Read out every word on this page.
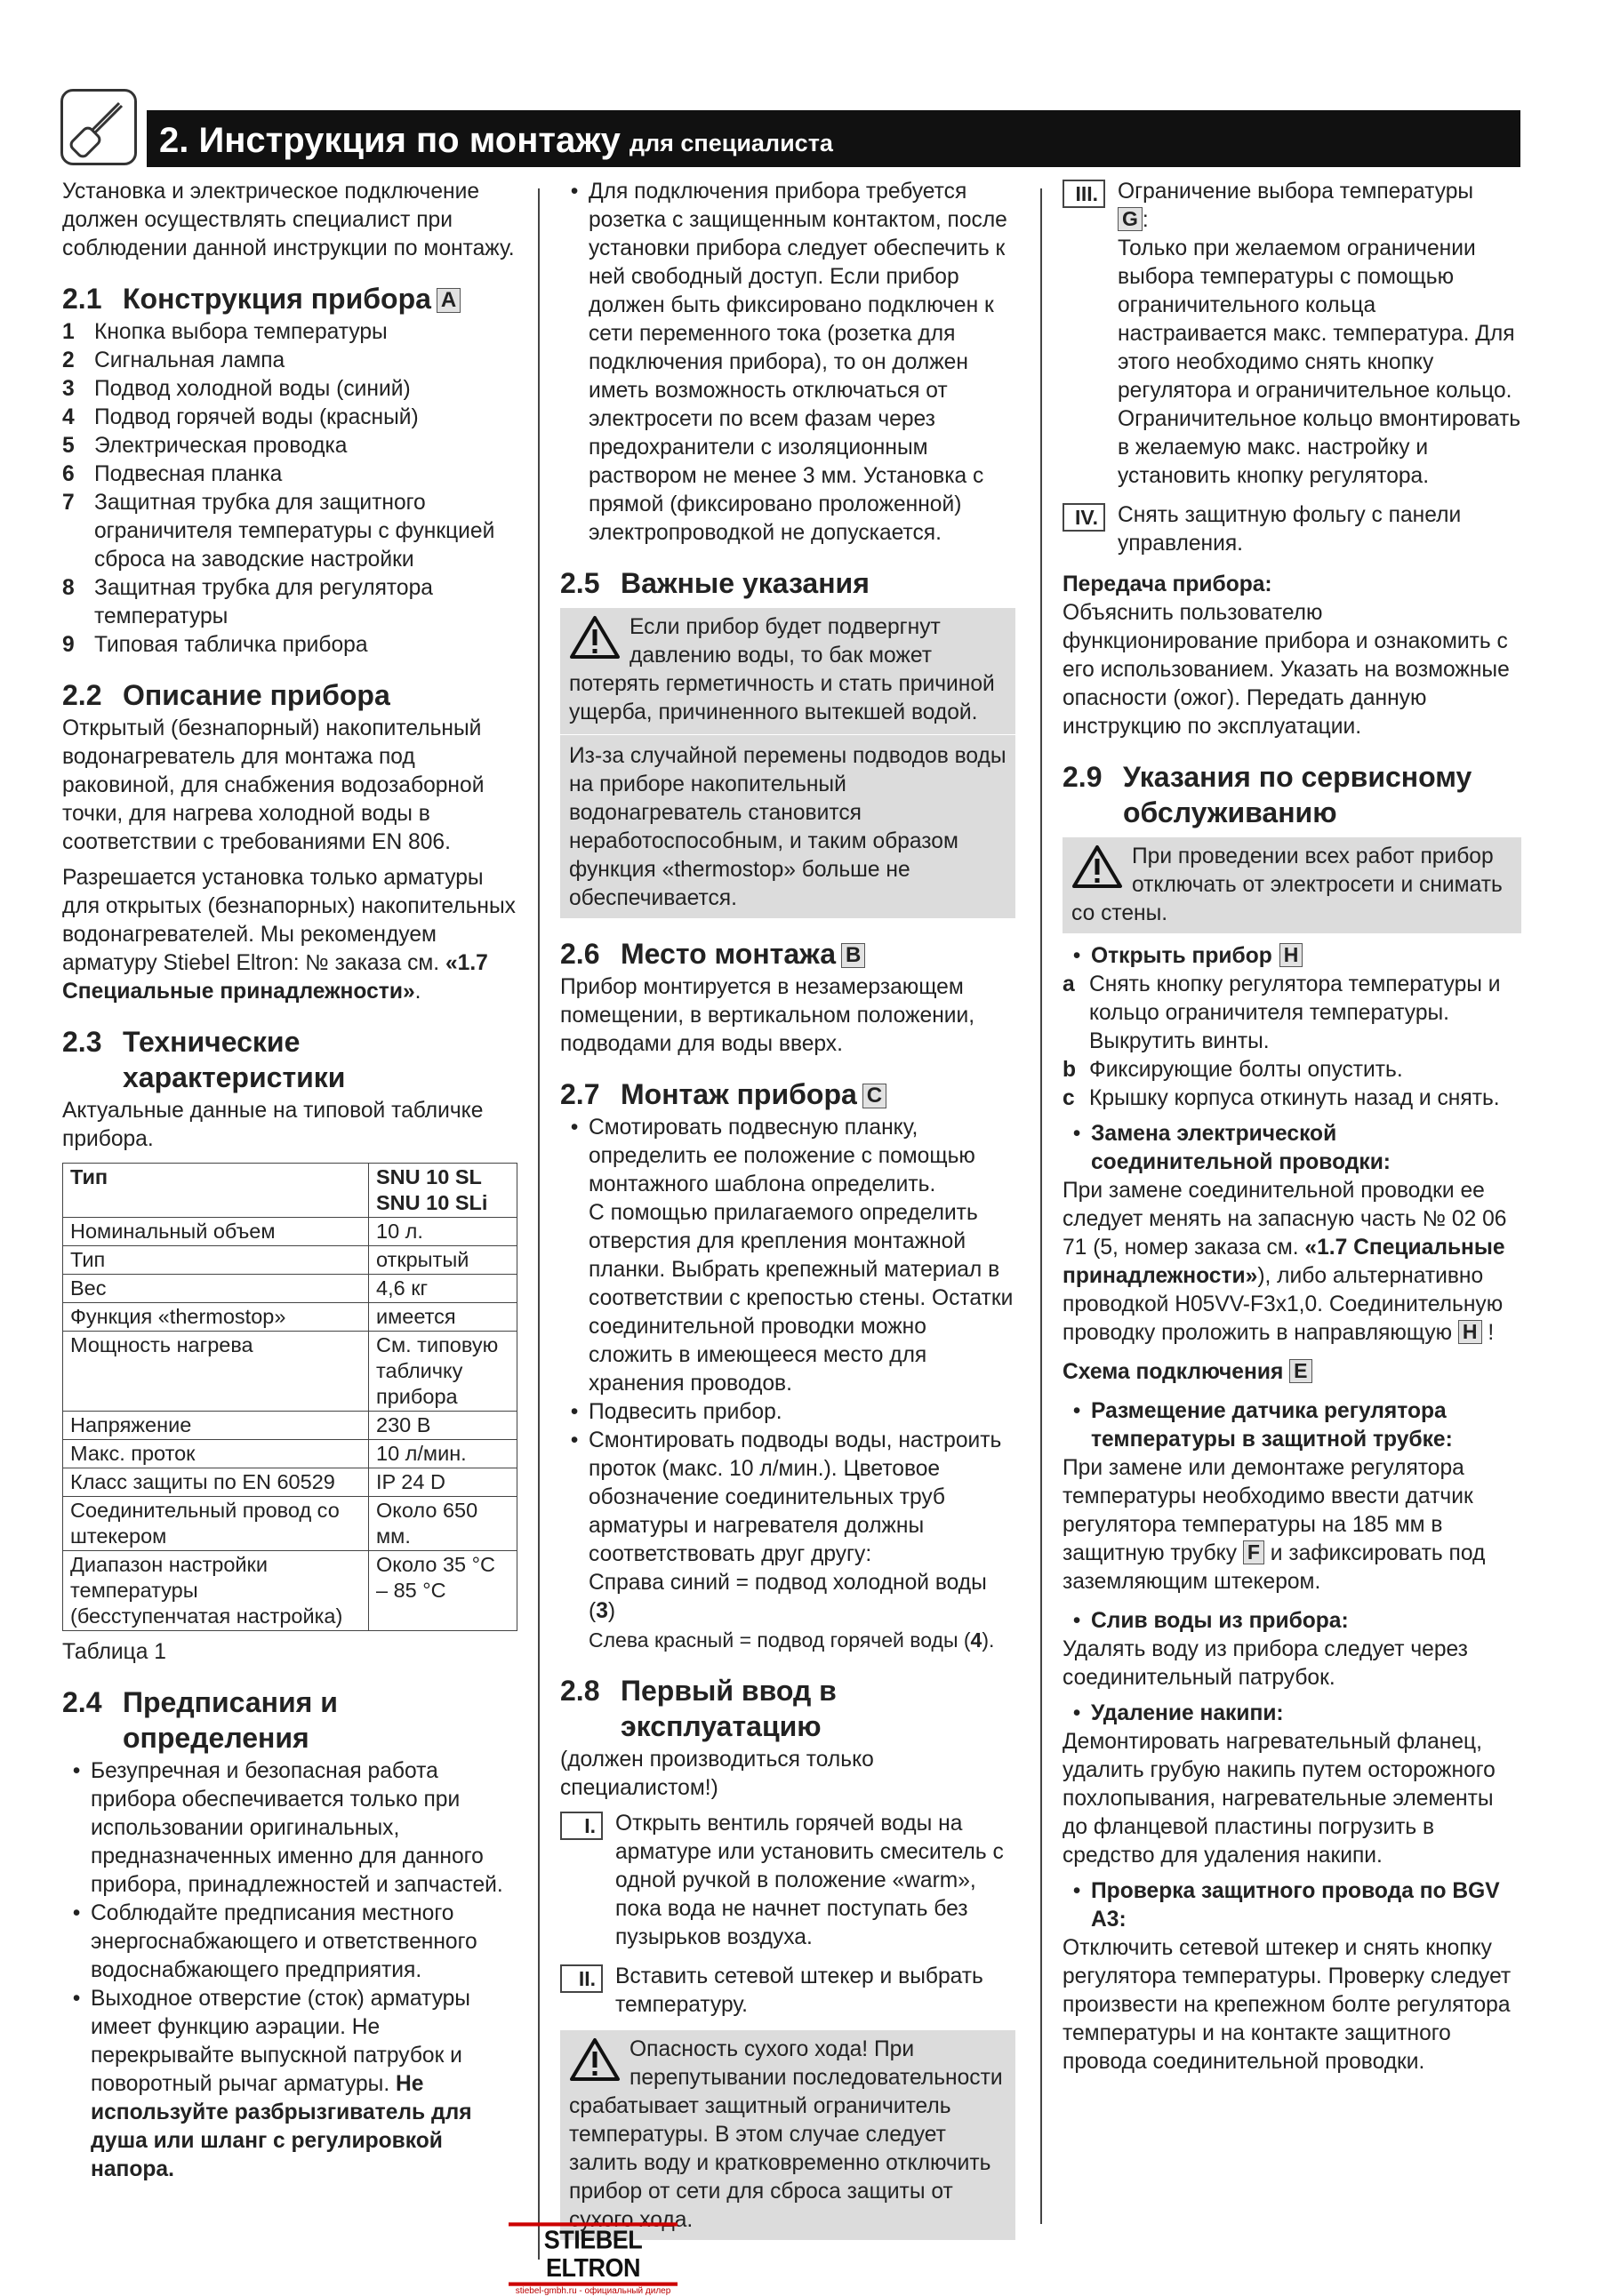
2. Инструкция по монтажу для специалиста

Установка и электрическое подключение должен осуществлять специалист при соблюдении данной инструкции по монтажу.

2.1 Конструкция прибора A
1 Кнопка выбора температуры
2 Сигнальная лампа
3 Подвод холодной воды (синий)
4 Подвод горячей воды (красный)
5 Электрическая проводка
6 Подвесная планка
7 Защитная трубка для защитного ограничителя температуры с функцией сброса на заводские настройки
8 Защитная трубка для регулятора температуры
9 Типовая табличка прибора
2.2 Описание прибора

Открытый (безнапорный) накопительный водонагреватель для монтажа под раковиной, для снабжения водозаборной точки, для нагрева холодной воды в соответствии с требованиями EN 806.

Разрешается установка только арматуры для открытых (безнапорных) накопительных водонагревателей. Мы рекомендуем арматуру Stiebel Eltron: № заказа см. «1.7 Специальные принадлежности».

2.3 Технические характеристики

Актуальные данные на типовой табличке прибора.

Тип	SNU 10 SL
SNU 10 SLi
Номинальный объем	10 л.
Тип	открытый
Вес	4,6 кг
Функция «thermostop»	имеется
Мощность нагрева	См. типовую табличку прибора
Напряжение	230 В
Макс. проток	10 л/мин.
Класс защиты по EN 60529	IP 24 D
Соединительный провод со штекером	Около 650 мм.
Диапазон настройки температуры (бесступенчатая настройка)	Около 35 °C – 85 °C

Таблица 1

2.4 Предписания и определения
• Безупречная и безопасная работа прибора обеспечивается только при использовании оригинальных, предназначенных именно для данного прибора, принадлежностей и запчастей.
• Соблюдайте предписания местного энергоснабжающего и ответственного водоснабжающего предприятия.
• Выходное отверстие (сток) арматуры имеет функцию аэрации. Не перекрывайте выпускной патрубок и поворотный рычаг арматуры. Не используйте разбрызгиватель для душа или шланг с регулировкой напора.
• Для подключения прибора требуется розетка с защищенным контактом, после установки прибора следует обеспечить к ней свободный доступ. Если прибор должен быть фиксировано подключен к сети переменного тока (розетка для подключения прибора), то он должен иметь возможность отключаться от электросети по всем фазам через предохранители с изоляционным раствором не менее 3 мм. Установка с прямой (фиксировано проложенной) электропроводкой не допускается.
2.5 Важные указания

Если прибор будет подвергнут давлению воды, то бак может потерять герметичность и стать причиной ущерба, причиненного вытекшей водой.

Из-за случайной перемены подводов воды на приборе накопительный водонагреватель становится неработоспособным, и таким образом функция «thermostop» больше не обеспечивается.

2.6 Место монтажа B

Прибор монтируется в незамерзающем помещении, в вертикальном положении, подводами для воды вверх.

2.7 Монтаж прибора C
• Смотировать подвесную планку, определить ее положение с помощью монтажного шаблона определить.
С помощью прилагаемого определить отверстия для крепления монтажной планки. Выбрать крепежный материал в соответствии с крепостью стены. Остатки соединительной проводки можно сложить в имеющееся место для хранения проводов.
• Подвесить прибор.
• Смонтировать подводы воды, настроить проток (макс. 10 л/мин.). Цветовое обозначение соединительных труб арматуры и нагревателя должны соответствовать друг другу:
Справа синий = подвод холодной воды (3)
Слева красный = подвод горячей воды (4).
2.8 Первый ввод в эксплуатацию

(должен производиться только специалистом!)

I. Открыть вентиль горячей воды на арматуре или установить смеситель с одной ручкой в положение «warm», пока вода не начнет поступать без пузырьков воздуха.
II. Вставить сетевой штекер и выбрать температуру.

Опасность сухого хода! При перепутывании последовательности срабатывает защитный ограничитель температуры. В этом случае следует залить воду и кратковременно отключить прибор от сети для сброса защиты от сухого хода.

III. Ограничение выбора температуры
G :
Только при желаемом ограничении выбора температуры с помощью ограничительного кольца настраивается макс. температура. Для этого необходимо снять кнопку регулятора и ограничительное кольцо. Ограничительное кольцо вмонтировать в желаемую макс. настройку и установить кнопку регулятора.
IV. Снять защитную фольгу с панели управления.

Передача прибора:
Объяснить пользователю функционирование прибора и ознакомить с его использованием. Указать на возможные опасности (ожог). Передать данную инструкцию по эксплуатации.

2.9 Указания по сервисному обслуживанию

При проведении всех работ прибор отключать от электросети и снимать со стены.

• Открыть прибор H
a Снять кнопку регулятора температуры и кольцо ограничителя температуры. Выкрутить винты.
b Фиксирующие болты опустить.
c Крышку корпуса откинуть назад и снять.
• Замена электрической соединительной проводки:

При замене соединительной проводки ее следует менять на запасную часть № 02 06 71 (5, номер заказа см. «1.7 Специальные принадлежности»), либо альтернативно проводкой H05VV-F3x1,0. Соединительную проводку проложить в направляющую H !

Схема подключения E

• Размещение датчика регулятора температуры в защитной трубке:

При замене или демонтаже регулятора температуры необходимо ввести датчик регулятора температуры на 185 мм в защитную трубку F и зафиксировать под заземляющим штекером.

• Слив воды из прибора:

Удалять воду из прибора следует через соединительный патрубок.

• Удаление накипи:

Демонтировать нагревательный фланец, удалить грубую накипь путем осторожного похлопывания, нагревательные элементы до фланцевой пластины погрузить в средство для удаления накипи.

• Проверка защитного провода по BGV A3:

Отключить сетевой штекер и снять кнопку регулятора температуры. Проверку следует произвести на крепежном болте регулятора температуры и на контакте защитного провода соединительной проводки.

STIEBEL ELTRON
stiebel-gmbh.ru - официальный дилер
